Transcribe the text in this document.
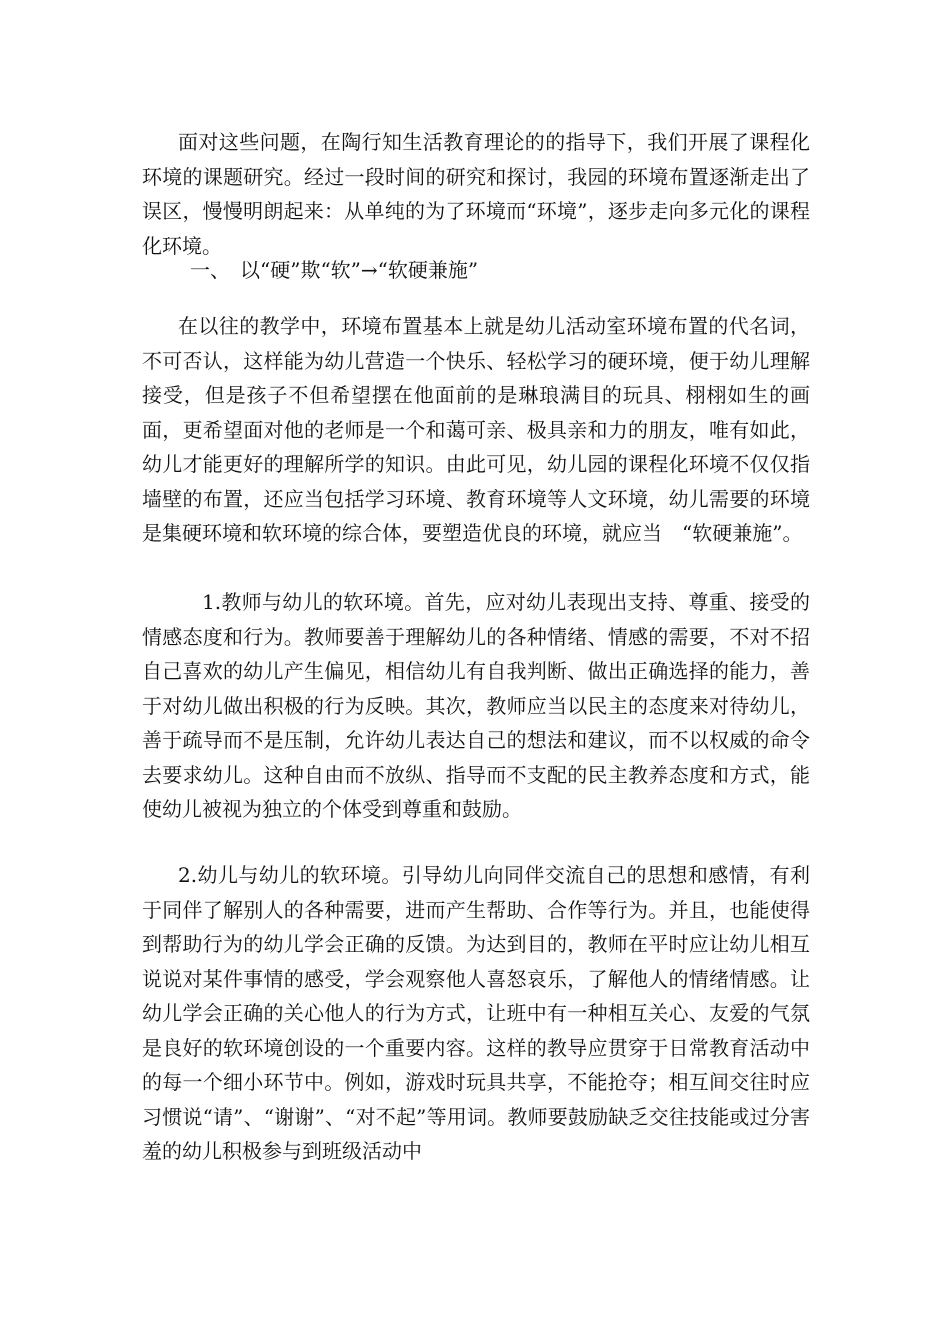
面对这些问题，在陶行知生活教育理论的的指导下，我们开展了课程化环境的课题研究。经过一段时间的研究和探讨，我园的环境布置逐渐走出了误区，慢慢明朗起来：从单纯的为了环境而“环境”，逐步走向多元化的课程化环境。

一、　以“硬”欺“软”→“软硬兼施”

在以往的教学中，环境布置基本上就是幼儿活动室环境布置的代名词，不可否认，这样能为幼儿营造一个快乐、轻松学习的硬环境，便于幼儿理解接受，但是孩子不但希望摆在他面前的是琳琅满目的玩具、栩栩如生的画面，更希望面对他的老师是一个和蔼可亲、极具亲和力的朋友，唯有如此，幼儿才能更好的理解所学的知识。由此可见，幼儿园的课程化环境不仅仅指墙壁的布置，还应当包括学习环境、教育环境等人文环境，幼儿需要的环境是集硬环境和软环境的综合体，要塑造优良的环境，就应当　“软硬兼施”。

1.教师与幼儿的软环境。首先，应对幼儿表现出支持、尊重、接受的情感态度和行为。教师要善于理解幼儿的各种情绪、情感的需要，不对不招自己喜欢的幼儿产生偏见，相信幼儿有自我判断、做出正确选择的能力，善于对幼儿做出积极的行为反映。其次，教师应当以民主的态度来对待幼儿，善于疏导而不是压制，允许幼儿表达自己的想法和建议，而不以权威的命令去要求幼儿。这种自由而不放纵、指导而不支配的民主教养态度和方式，能使幼儿被视为独立的个体受到尊重和鼓励。

2.幼儿与幼儿的软环境。引导幼儿向同伴交流自己的思想和感情，有利于同伴了解别人的各种需要，进而产生帮助、合作等行为。并且，也能使得到帮助行为的幼儿学会正确的反馈。为达到目的，教师在平时应让幼儿相互说说对某件事情的感受，学会观察他人喜怒哀乐，了解他人的情绪情感。让幼儿学会正确的关心他人的行为方式，让班中有一种相互关心、友爱的气氛是良好的软环境创设的一个重要内容。这样的教导应贯穿于日常教育活动中的每一个细小环节中。例如，游戏时玩具共享，不能抢夺；相互间交往时应习惯说“请”、“谢谢”、“对不起”等用词。教师要鼓励缺乏交往技能或过分害羞的幼儿积极参与到班级活动中
